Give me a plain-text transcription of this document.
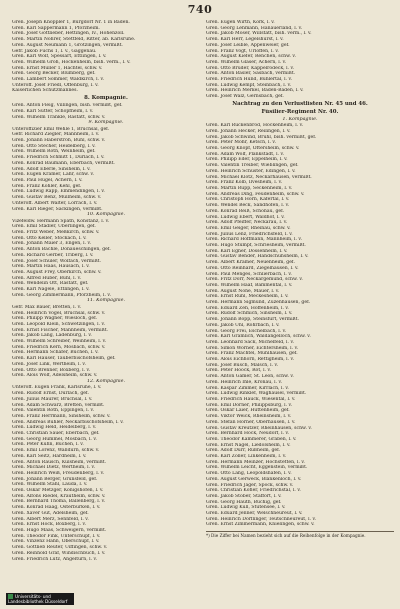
740
Gren. Joseph Knoppler 1, Burgdorf Nr. 1 in Baden.
Gren. Karl Sappermann 1, Pforzheim.
Gren. Josef Gottlieber, Hettingen, lv., Hohenzoll.
Gren. Martin Nohrer, Stettfeld, Ritter, ab. Karlsruhe.
Gren. August Neumann 1, Grötzingen, vermißt.
Gefr. Jakob Fuchs 1, l. v., Gaggenau.
Gren. Karl Wolf, Spessart, Ettlingen, l. v.
Gren. Wilhelm Gröh, Hockenheim, bish. verm., l. v.
Gren. Ernst Müller 1, Hachtel, schw. v.
Gren. Georg Becker, Blumberg, gef.
Gren. Lambert Sommer, Waldkirch, l. v.
Unteroff. Josef Friedl, Offenburg, l. v.
Kaiserlichen Schutzmannes.
8. Kompagnie.
Gren. Anton Fleig, Villingen, bish. vermißt, gef.
Gren. Karl Sutter, Schopfheim, l. v.
Gren. Wilhelm Tränkle, Rastatt, schw. v.
9. Kompagnie.
Unteroffizier Emil Wehle 1, Bruchsal, gef.
Gefr. Richard Ziegler, Mannheim, l. v.
Gren. Johann Haberstroh, Bühl, schw. v.
Gren. Otto Stecher, Heidelberg, l. v.
Gren. Wilhelm Roth, Weinheim, gef.
Gren. Friedrich Schmitt 1, Durlach, l. v.
Gren. Konrad Baumann, Eberbach, vermißt.
Gren. Adolf Eberle, Sinsheim, l. v.
Gren. Eugen Kramer, Lahr, schw. v.
Gren. Paul Hügel, Achern, l. v.
Gren. Franz Köhler, Kehl, gef.
Gren. Ludwig Rapp, Emmendingen, l. v.
Gren. Gustav Benz, Müllheim, schw. v.
Unteroff. Albert Walter, Lörrach, l. v.
Gren. Karl Rieger, Säckingen, vermißt.
10. Kompagnie.
Vizefeldw. Hermann Späth, Konstanz, l. v.
Gren. Emil Stadler, Überlingen, gef.
Gren. Fritz Weber, Meßkirch, schw. v.
Gren. Otto Keller, Stockach, l. v.
Gren. Johann Maier 3, Engen, l. v.
Gren. Anton Bächle, Donaueschingen, gef.
Gren. Richard Gerber, Triberg, l. v.
Gren. Josef Schuler, Wolfach, vermißt.
Gren. Martin Haas, Hausach, l. v.
Gren. August Frey, Oberkirch, schw. v.
Gren. Alfred Huber, Bühl, l. v.
Gren. Wendelin Ott, Rastatt, gef.
Gren. Karl Nägele, Ettlingen, l. v.
Gren. Georg Zimmermann, Pforzheim, l. v.
11. Kompagnie.
Gefr. Max Bauer, Bretten, l. v.
Gren. Heinrich Vogel, Bruchsal, schw. v.
Gren. Philipp Wagner, Wiesloch, gef.
Gren. Leopold Klein, Schwetzingen, l. v.
Gren. Ernst Fischer, Mannheim, vermißt.
Gren. Jakob Lang, Ladenburg, l. v.
Gren. Wilhelm Schreiber, Weinheim, l. v.
Gren. Friedrich Kern, Mosbach, schw. v.
Gren. Hermann Schäfer, Buchen, l. v.
Gren. Karl Hauser, Tauberbischofsheim, gef.
Gren. Josef Link, Wertheim, l. v.
Gren. Otto Brenner, Boxberg, l. v.
Gren. Alois Wolf, Adelsheim, schw. v.
12. Kompagnie.
Unteroff. Eugen Frank, Karlsruhe, l. v.
Gren. Rudolf Ernst, Durlach, gef.
Gren. Julius Maurer, Bruchsal, l. v.
Gren. Adam Schwarz, Bretten, vermißt.
Gren. Valentin Roth, Eppingen, l. v.
Gren. Franz Herrmann, Sinsheim, schw. v.
Gren. Andreas Bühler, Neckarbischofsheim, l. v.
Gren. Ludwig Held, Heidelberg, l. v.
Gren. Christian Sauer, Eberbach, gef.
Gren. Georg Hummel, Mosbach, l. v.
Gren. Peter Kuhn, Buchen, l. v.
Gren. Emil Lorenz, Walldürn, schw. v.
Gren. Karl Seitz, Hardheim, l. v.
Gren. Anton Rausch, Külsheim, vermißt.
Gren. Michael Dietz, Wertheim, l. v.
Gren. Heinrich Weiß, Freudenberg, l. v.
Gren. Johann Berger, Grünsfeld, gef.
Gren. Wilhelm Stahl, Lauda, l. v.
Gren. Oskar Metzger, Königshofen, l. v.
Gren. Alfons Riedel, Krautheim, schw. v.
Gren. Bernhard Thoma, Ballenberg, l. v.
Gren. Konrad Haag, Osterburken, l. v.
Gren. Xaver Gut, Adelsheim, gef.
Gren. Albert Merz, Sennfeld, l. v.
Gren. Ernst Hock, Boxberg, l. v.
Gren. Hugo Maas, Schweigern, vermißt.
Gren. Theodor Fink, Unterschüpf, l. v.
Gren. Vinzenz Hahn, Oberschüpf, l. v.
Gren. Gottlieb Reuter, Uiffingen, schw. v.
Gren. Reinhold Graf, Windischbuch, l. v.
Gren. Friedrich Lutz, Angeltürn, l. v.
Gren. Eugen Wirth, Kork, l. v.
Gren. Georg Lehmann, Hanauerland, l. v.
Gren. Jakob Moser, Willstätt, bish. verm., l. v.
Gren. Karl Herr, Legelshurst, l. v.
Gren. Josef Leible, Appenweier, gef.
Gren. Franz Vogt, Urloffen, l. v.
Gren. August Kiefer, Renchen, schw. v.
Gren. Wilhelm Glaser, Achern, l. v.
Gren. Otto Bruder, Kappelrodeck, l. v.
Gren. Anton Basler, Sasbach, vermißt.
Gren. Friedrich Hund, Bühlertal, l. v.
Gren. Ludwig Kempf, Steinbach, l. v.
Gren. Heinrich Merkel, Baden-Baden, l. v.
Gren. Josef Walz, Gernsbach, gef.
Nachtrag zu den Verlustlisten Nr. 45 und 46.
Füsilier-Regiment Nr. 40.
1. Kompagnie.
Gren. Karl Ruckenbrod, Hockenheim, l. v.
Gren. Johann Hecker, Reilingen, l. v.
Gren. Jakob Schwind, Brühl, bish. vermißt, gef.
Gren. Peter Mohr, Ketsch, l. v.
Gren. Georg Knopf, Oftersheim, schw. v.
Gren. Adam Wolf, Plankstadt, l. v.
Gren. Philipp Eder, Eppelheim, l. v.
Gren. Valentin Treiber, Wieblingen, gef.
Gren. Heinrich Schuster, Edingen, l. v.
Gren. Michael Klotz, Neckarhausen, vermißt.
Gren. Franz Kolb, Ilvesheim, l. v.
Gren. Martin Rupp, Seckenheim, l. v.
Gren. Andreas Ding, Feudenheim, schw. v.
Gren. Christoph Horn, Käfertal, l. v.
Gren. Wendel Beck, Sandhofen, l. v.
Gren. Konrad Reiß, Schönau, gef.
Gren. Ludwig Ebert, Waldhof, l. v.
Gren. Adolf Pfeiffer, Neckarau, l. v.
Gren. Emil Geiger, Rheinau, schw. v.
Gren. Julius Lenz, Friedrichsfeld, l. v.
Gren. Richard Hoffmann, Mannheim, l. v.
Gren. Hugo Stumpf, Schriesheim, vermißt.
Gren. Karl Egner, Dossenheim, l. v.
Gren. Gustav Bender, Handschuhsheim, l. v.
Gren. Albert Krämer, Neuenheim, gef.
Gren. Otto Reinhard, Ziegelhausen, l. v.
Gren. Paul Menges, Schlierbach, l. v.
Gren. Fritz Dörr, Neckargemünd, schw. v.
Gren. Wilhelm Haaf, Bammental, l. v.
Gren. August Nohe, Mauer, l. v.
Gren. Ernst Rühl, Meckesheim, l. v.
Gren. Hermann Sigmund, Zuzenhausen, gef.
Gren. Eduard Zeh, Hoffenheim, l. v.
Gren. Rudolf Schmich, Sinsheim, l. v.
Gren. Johann Bopp, Steinsfurt, vermißt.
Gren. Jakob Uhl, Rohrbach, l. v.
Gren. Georg Frei, Eschelbach, l. v.
Gren. Karl Gramlich, Waldangelloch, schw. v.
Gren. Leonhard Sack, Michelfeld, l. v.
Gren. Simon Wörner, Eichtersheim, l. v.
Gren. Franz Mächtel, Mühlhausen, gef.
Gren. Alois Eichhorn, Rettigheim, l. v.
Gren. Josef Busch, Malsch, l. v.
Gren. Peter Hoock, Rot, l. v.
Gren. Anton Gamer, St. Leon, schw. v.
Gren. Heinrich Ihle, Kronau, l. v.
Gren. Kaspar Zimmer, Kirrlach, l. v.
Gren. Ludwig Rinklef, Waghäusel, vermißt.
Gren. Friedrich Hauck, Wiesental, l. v.
Gren. Emil Dörner, Philippsburg, l. v.
Gren. Oskar Laier, Huttenheim, gef.
Gren. Viktor Weick, Rheinsheim, l. v.
Gren. Stefan Hörner, Oberhausen, l. v.
Gren. Gustav Kreutzer, Rheinhausen, schw. v.
Gren. Bernhard Hock, Neudorf, l. v.
Gren. Theodor Kammerer, Graben, l. v.
Gren. Ernst Nagel, Liedolsheim, l. v.
Gren. Adolf Dürr, Rußheim, gef.
Gren. Karl Zoller, Linkenheim, l. v.
Gren. Hermann Meinzer, Hochstetten, l. v.
Gren. Wilhelm Leicht, Eggenstein, vermißt.
Gren. Otto Lang, Leopoldshafen, l. v.
Gren. August Gerweck, Blankenloch, l. v.
Gren. Friedrich Jäger, Spöck, schw. v.
Gren. Christian Kofler, Friedrichstal, l. v.
Gren. Jakob Stober, Staffort, l. v.
Gren. Georg Hauth, Büchig, gef.
Gren. Ludwig Kull, Stutensee, l. v.
Gren. Eduard Jenner, Welschneureut, l. v.
Gren. Heinrich Dörflinger, Teutschneureut, l. v.
Gren. Ernst Zimmermann, Knielingen, schw. v.
*) Die Ziffer bei Namen bezieht sich auf die Reihenfolge in der Kompagnie.
Universitäts- und
Landesbibliothek Düsseldorf
